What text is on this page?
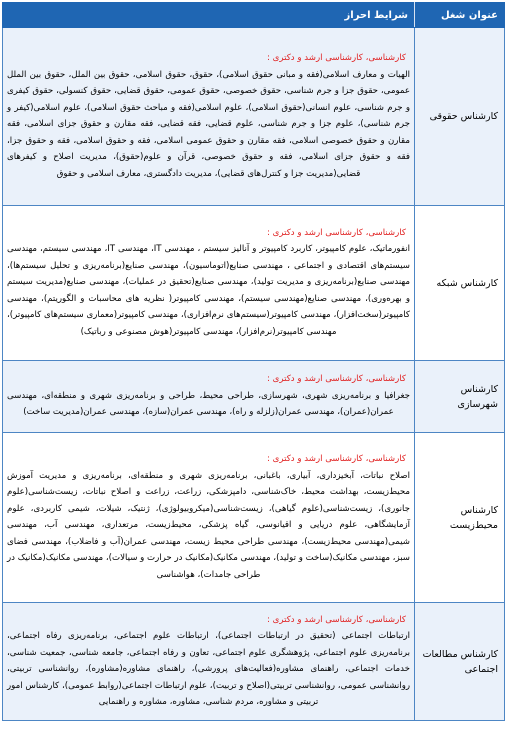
عنوان شغل	شرایط احراز
کارشناس حقوقی	کارشناسی، کارشناسی ارشد و دکتری :
الهیات و معارف اسلامی(فقه و مبانی حقوق اسلامی)، حقوق، حقوق اسلامی، حقوق بین الملل، حقوق بین الملل عمومی، حقوق جزا و جرم شناسی، حقوق خصوصی، حقوق عمومی، حقوق قضایی، حقوق کنسولی، حقوق کیفری و جرم شناسی، علوم انسانی(حقوق اسلامی)، علوم اسلامی(فقه و مباحث حقوق اسلامی)، علوم اسلامی(کیفر و جرم شناسی)، علوم جزا و جرم شناسی، علوم قضایی، فقه قضایی، فقه مقارن و حقوق جزای اسلامی، فقه مقارن و حقوق خصوصی اسلامی، فقه مقارن و حقوق عمومی اسلامی، فقه و حقوق اسلامی، فقه و حقوق جزا، فقه و حقوق جزای اسلامی، فقه و حقوق خصوصی، قرآن و علوم(حقوق)، مدیریت اصلاح و کیفرهای قضایی(مدیریت جزا و کنترل‌های قضایی)، مدیریت دادگستری، معارف اسلامی و حقوق

کارشناس شبکه	کارشناسی، کارشناسی ارشد و دکتری :
انفورماتیک، علوم کامپیوتر، کاربرد کامپیوتر و آنالیز سیستم ، مهندسی IT، مهندسی IT، مهندسی سیستم، مهندسی سیستم‌های اقتصادی و اجتماعی ، مهندسی صنایع(اتوماسیون)، مهندسی صنایع(برنامه‌ریزی و تحلیل سیستم‌ها)، مهندسی صنایع(برنامه‌ریزی و مدیریت تولید)، مهندسی صنایع(تحقیق در عملیات)، مهندسی صنایع(مدیریت سیستم و بهره‌وری)، مهندسی صنایع(مهندسی سیستم)، مهندسی کامپیوتر( نظریه های محاسبات و الگوریتم)، مهندسی کامپیوتر(سخت‌افزار)، مهندسی کامپیوتر(سیستم‌های نرم‌افزاری)، مهندسی کامپیوتر(معماری سیستم‌های کامپیوتر)، مهندسی کامپیوتر(نرم‌افزار)، مهندسی کامپیوتر(هوش مصنوعی و رباتیک)

کارشناس شهرسازی	کارشناسی، کارشناسی ارشد و دکتری :
جغرافیا و برنامه‌ریزی شهری، شهرسازی، طراحی محیط، طراحی و برنامه‌ریزی شهری و منطقه‌ای، مهندسی عمران(عمران)، مهندسی عمران(زلزله و راه)، مهندسی عمران(سازه)، مهندسی عمران(مدیریت ساخت)

کارشناس محیط‌زیست	کارشناسی، کارشناسی ارشد و دکتری :
اصلاح نباتات، آبخیزداری، آبیاری، باغبانی، برنامه‌ریزی شهری و منطقه‌ای، برنامه‌ریزی و مدیریت آموزش محیط‌زیست، بهداشت محیط، خاک‌شناسی، دامپزشکی، زراعت، زراعت و اصلاح نباتات، زیست‌شناسی(علوم جانوری)، زیست‌شناسی(علوم گیاهی)، زیست‌شناسی(میکروبیولوژی)، ژنتیک، شیلات، شیمی کاربردی، علوم آزمایشگاهی، علوم دریایی و اقیانوسی، گیاه پزشکی، محیط‌زیست، مرتعداری، مهندسی آب، مهندسی شیمی(مهندسی محیط‌زیست)، مهندسی طراحی محیط زیست، مهندسی عمران(آب و فاضلاب)، مهندسی فضای سبز، مهندسی مکانیک(ساخت و تولید)، مهندسی مکانیک(مکانیک در حرارت و سیالات)، مهندسی مکانیک(مکانیک در طراحی جامدات)، هواشناسی

کارشناس مطالعات اجتماعی	کارشناسی، کارشناسی ارشد و دکتری :
ارتباطات اجتماعی (تحقیق در ارتباطات اجتماعی)، ارتباطات علوم اجتماعی، برنامه‌ریزی رفاه اجتماعی، برنامه‌ریزی علوم اجتماعی، پژوهشگری علوم اجتماعی، تعاون و رفاه اجتماعی، جامعه شناسی، جمعیت شناسی، خدمات اجتماعی، راهنمای مشاوره(فعالیت‌های پرورشی)، راهنمای مشاوره(مشاوره)، روانشناسی تربیتی، روانشناسی عمومی، روانشناسی تربیتی(اصلاح و تربیت)، علوم ارتباطات اجتماعی(روابط عمومی)، کارشناس امور تربیتی و مشاوره، مردم شناسی، مشاوره، مشاوره و راهنمایی
